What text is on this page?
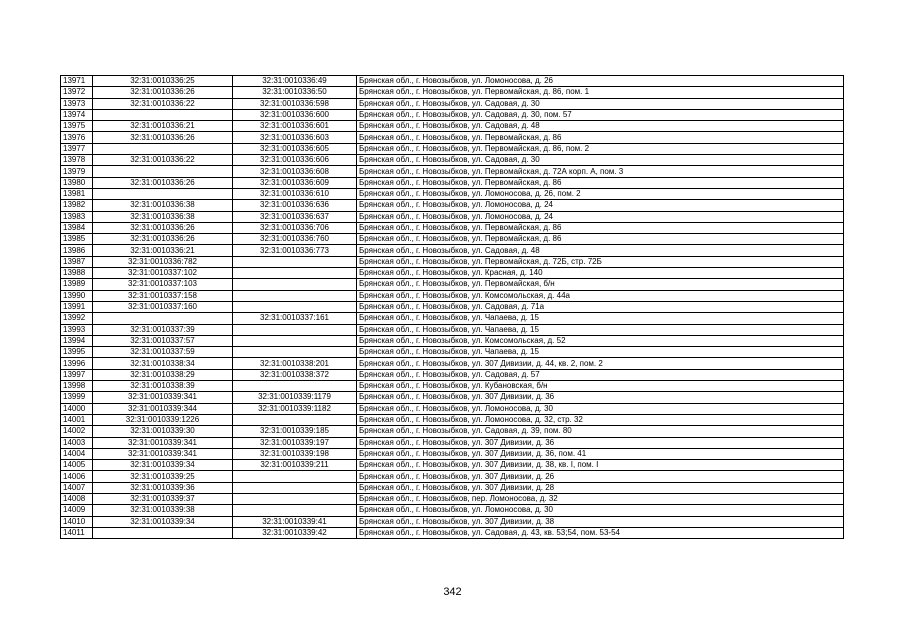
13971	32:31:0010336:25	32:31:0010336:49	Брянская обл., г. Новозыбков, ул. Ломоносова, д. 26
13972	32:31:0010336:26	32:31:0010336:50	Брянская обл., г. Новозыбков, ул. Первомайская, д. 86, пом. 1
13973	32:31:0010336:22	32:31:0010336:598	Брянская обл., г. Новозыбков, ул. Садовая, д. 30
13974		32:31:0010336:600	Брянская обл., г. Новозыбков, ул. Садовая, д. 30, пом. 57
13975	32:31:0010336:21	32:31:0010336:601	Брянская обл., г. Новозыбков, ул. Садовая, д. 48
13976	32:31:0010336:26	32:31:0010336:603	Брянская обл., г. Новозыбков, ул. Первомайская, д. 86
13977		32:31:0010336:605	Брянская обл., г. Новозыбков, ул. Первомайская, д. 86, пом. 2
13978	32:31:0010336:22	32:31:0010336:606	Брянская обл., г. Новозыбков, ул. Садовая, д. 30
13979		32:31:0010336:608	Брянская обл., г. Новозыбков, ул. Первомайская, д. 72А корп. А, пом. 3
13980	32:31:0010336:26	32:31:0010336:609	Брянская обл., г. Новозыбков, ул. Первомайская, д. 86
13981		32:31:0010336:610	Брянская обл., г. Новозыбков, ул. Ломоносова, д. 26, пом. 2
13982	32:31:0010336:38	32:31:0010336:636	Брянская обл., г. Новозыбков, ул. Ломоносова, д. 24
13983	32:31:0010336:38	32:31:0010336:637	Брянская обл., г. Новозыбков, ул. Ломоносова, д. 24
13984	32:31:0010336:26	32:31:0010336:706	Брянская обл., г. Новозыбков, ул. Первомайская, д. 86
13985	32:31:0010336:26	32:31:0010336:760	Брянская обл., г. Новозыбков, ул. Первомайская, д. 86
13986	32:31:0010336:21	32:31:0010336:773	Брянская обл., г. Новозыбков, ул. Садовая, д. 48
13987	32:31:0010336:782		Брянская обл., г. Новозыбков, ул. Первомайская, д. 72Б, стр. 72Б
13988	32:31:0010337:102		Брянская обл., г. Новозыбков, ул. Красная, д. 140
13989	32:31:0010337:103		Брянская обл., г. Новозыбков, ул. Первомайская, б/н
13990	32:31:0010337:158		Брянская обл., г. Новозыбков, ул. Комсомольская, д. 44а
13991	32:31:0010337:160		Брянская обл., г. Новозыбков, ул. Садовая, д. 71а
13992		32:31:0010337:161	Брянская обл., г. Новозыбков, ул. Чапаева, д. 15
13993	32:31:0010337:39		Брянская обл., г. Новозыбков, ул. Чапаева, д. 15
13994	32:31:0010337:57		Брянская обл., г. Новозыбков, ул. Комсомольская, д. 52
13995	32:31:0010337:59		Брянская обл., г. Новозыбков, ул. Чапаева, д. 15
13996	32:31:0010338:34	32:31:0010338:201	Брянская обл., г. Новозыбков, ул. 307 Дивизии, д. 44, кв. 2, пом. 2
13997	32:31:0010338:29	32:31:0010338:372	Брянская обл., г. Новозыбков, ул. Садовая, д. 57
13998	32:31:0010338:39		Брянская обл., г. Новозыбков, ул. Кубановская, б/н
13999	32:31:0010339:341	32:31:0010339:1179	Брянская обл., г. Новозыбков, ул. 307 Дивизии, д. 36
14000	32:31:0010339:344	32:31:0010339:1182	Брянская обл., г. Новозыбков, ул. Ломоносова, д. 30
14001	32:31:0010339:1226		Брянская обл., г. Новозыбков, ул. Ломоносова, д. 32, стр. 32
14002	32:31:0010339:30	32:31:0010339:185	Брянская обл., г. Новозыбков, ул. Садовая, д. 39, пом. 80
14003	32:31:0010339:341	32:31:0010339:197	Брянская обл., г. Новозыбков, ул. 307 Дивизии, д. 36
14004	32:31:0010339:341	32:31:0010339:198	Брянская обл., г. Новозыбков, ул. 307 Дивизии, д. 36, пом. 41
14005	32:31:0010339:34	32:31:0010339:211	Брянская обл., г. Новозыбков, ул. 307 Дивизии, д. 38, кв. I, пом. I
14006	32:31:0010339:25		Брянская обл., г. Новозыбков, ул. 307 Дивизии, д. 26
14007	32:31:0010339:36		Брянская обл., г. Новозыбков, ул. 307 Дивизии, д. 28
14008	32:31:0010339:37		Брянская обл., г. Новозыбков, пер. Ломоносова, д. 32
14009	32:31:0010339:38		Брянская обл., г. Новозыбков, ул. Ломоносова, д. 30
14010	32:31:0010339:34	32:31:0010339:41	Брянская обл., г. Новозыбков, ул. 307 Дивизии, д. 38
14011		32:31:0010339:42	Брянская обл., г. Новозыбков, ул. Садовая, д. 43, кв. 53;54, пом. 53-54
342
